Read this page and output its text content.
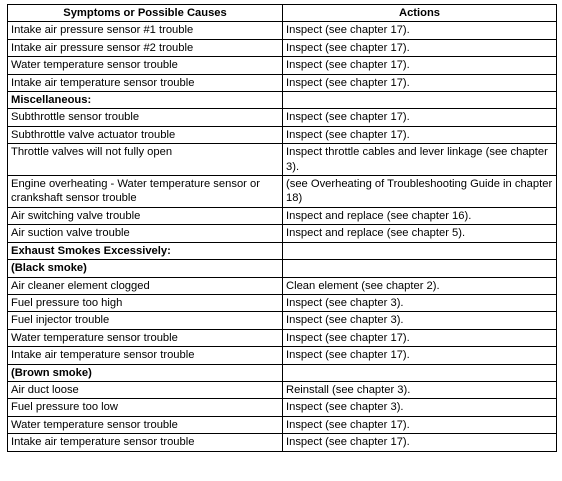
Symptoms or Possible Causes	Actions
Intake air pressure sensor #1 trouble	Inspect (see chapter 17).
Intake air pressure sensor #2 trouble	Inspect (see chapter 17).
Water temperature sensor trouble	Inspect (see chapter 17).
Intake air temperature sensor trouble	Inspect (see chapter 17).
Miscellaneous:	
Subthrottle sensor trouble	Inspect (see chapter 17).
Subthrottle valve actuator trouble	Inspect (see chapter 17).
Throttle valves will not fully open	Inspect throttle cables and lever linkage (see chapter 3).
Engine overheating - Water temperature sensor or crankshaft sensor trouble	(see Overheating of Troubleshooting Guide in chapter 18)
Air switching valve trouble	Inspect and replace (see chapter 16).
Air suction valve trouble	Inspect and replace (see chapter 5).
Exhaust Smokes Excessively:	
(Black smoke)	
Air cleaner element clogged	Clean element (see chapter 2).
Fuel pressure too high	Inspect (see chapter 3).
Fuel injector trouble	Inspect (see chapter 3).
Water temperature sensor trouble	Inspect (see chapter 17).
Intake air temperature sensor trouble	Inspect (see chapter 17).
(Brown smoke)	
Air duct loose	Reinstall (see chapter 3).
Fuel pressure too low	Inspect (see chapter 3).
Water temperature sensor trouble	Inspect (see chapter 17).
Intake air temperature sensor trouble	Inspect (see chapter 17).
